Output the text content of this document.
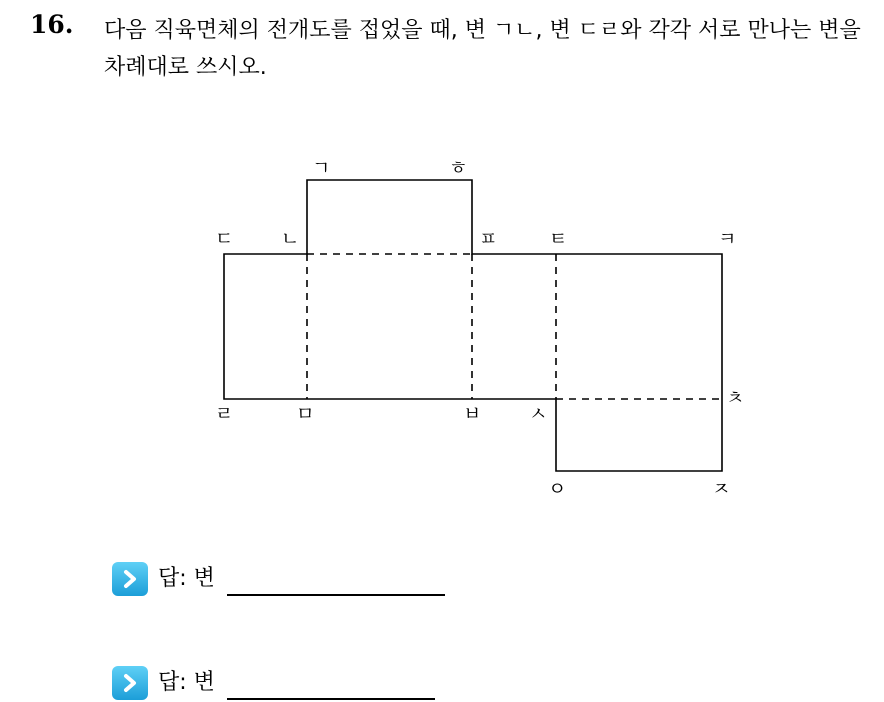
16. 다음 직육면체의 전개도를 접었을 때, 변 ㄱㄴ, 변 ㄷㄹ와 각각 서로 만나는 변을 차례대로 쓰시오.
ㄱ	ㅎ
ㄷ	ㄴ	ㅍ	ㅌ	ㅋ
ㄹ	ㅁ	ㅂ	ㅅ
ㅊ
ㅇ	ㅈ
답: 변
답: 변
